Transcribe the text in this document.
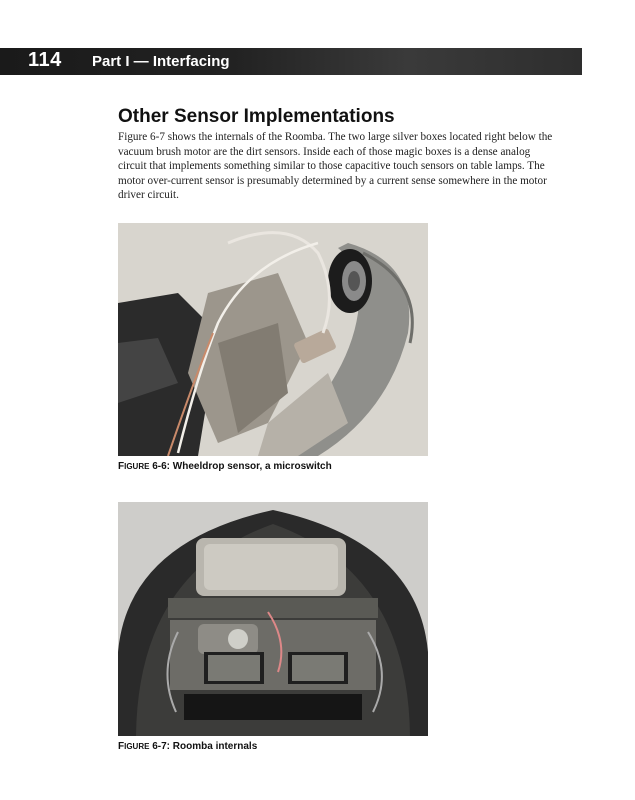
114 Part I — Interfacing
Other Sensor Implementations

Figure 6-7 shows the internals of the Roomba. The two large silver boxes located right below the vacuum brush motor are the dirt sensors. Inside each of those magic boxes is a dense analog circuit that implements something similar to those capacitive touch sensors on table lamps. The motor over-current sensor is presumably determined by a current sense somewhere in the motor driver circuit.

FIGURE 6-6: Wheeldrop sensor, a microswitch

FIGURE 6-7: Roomba internals
